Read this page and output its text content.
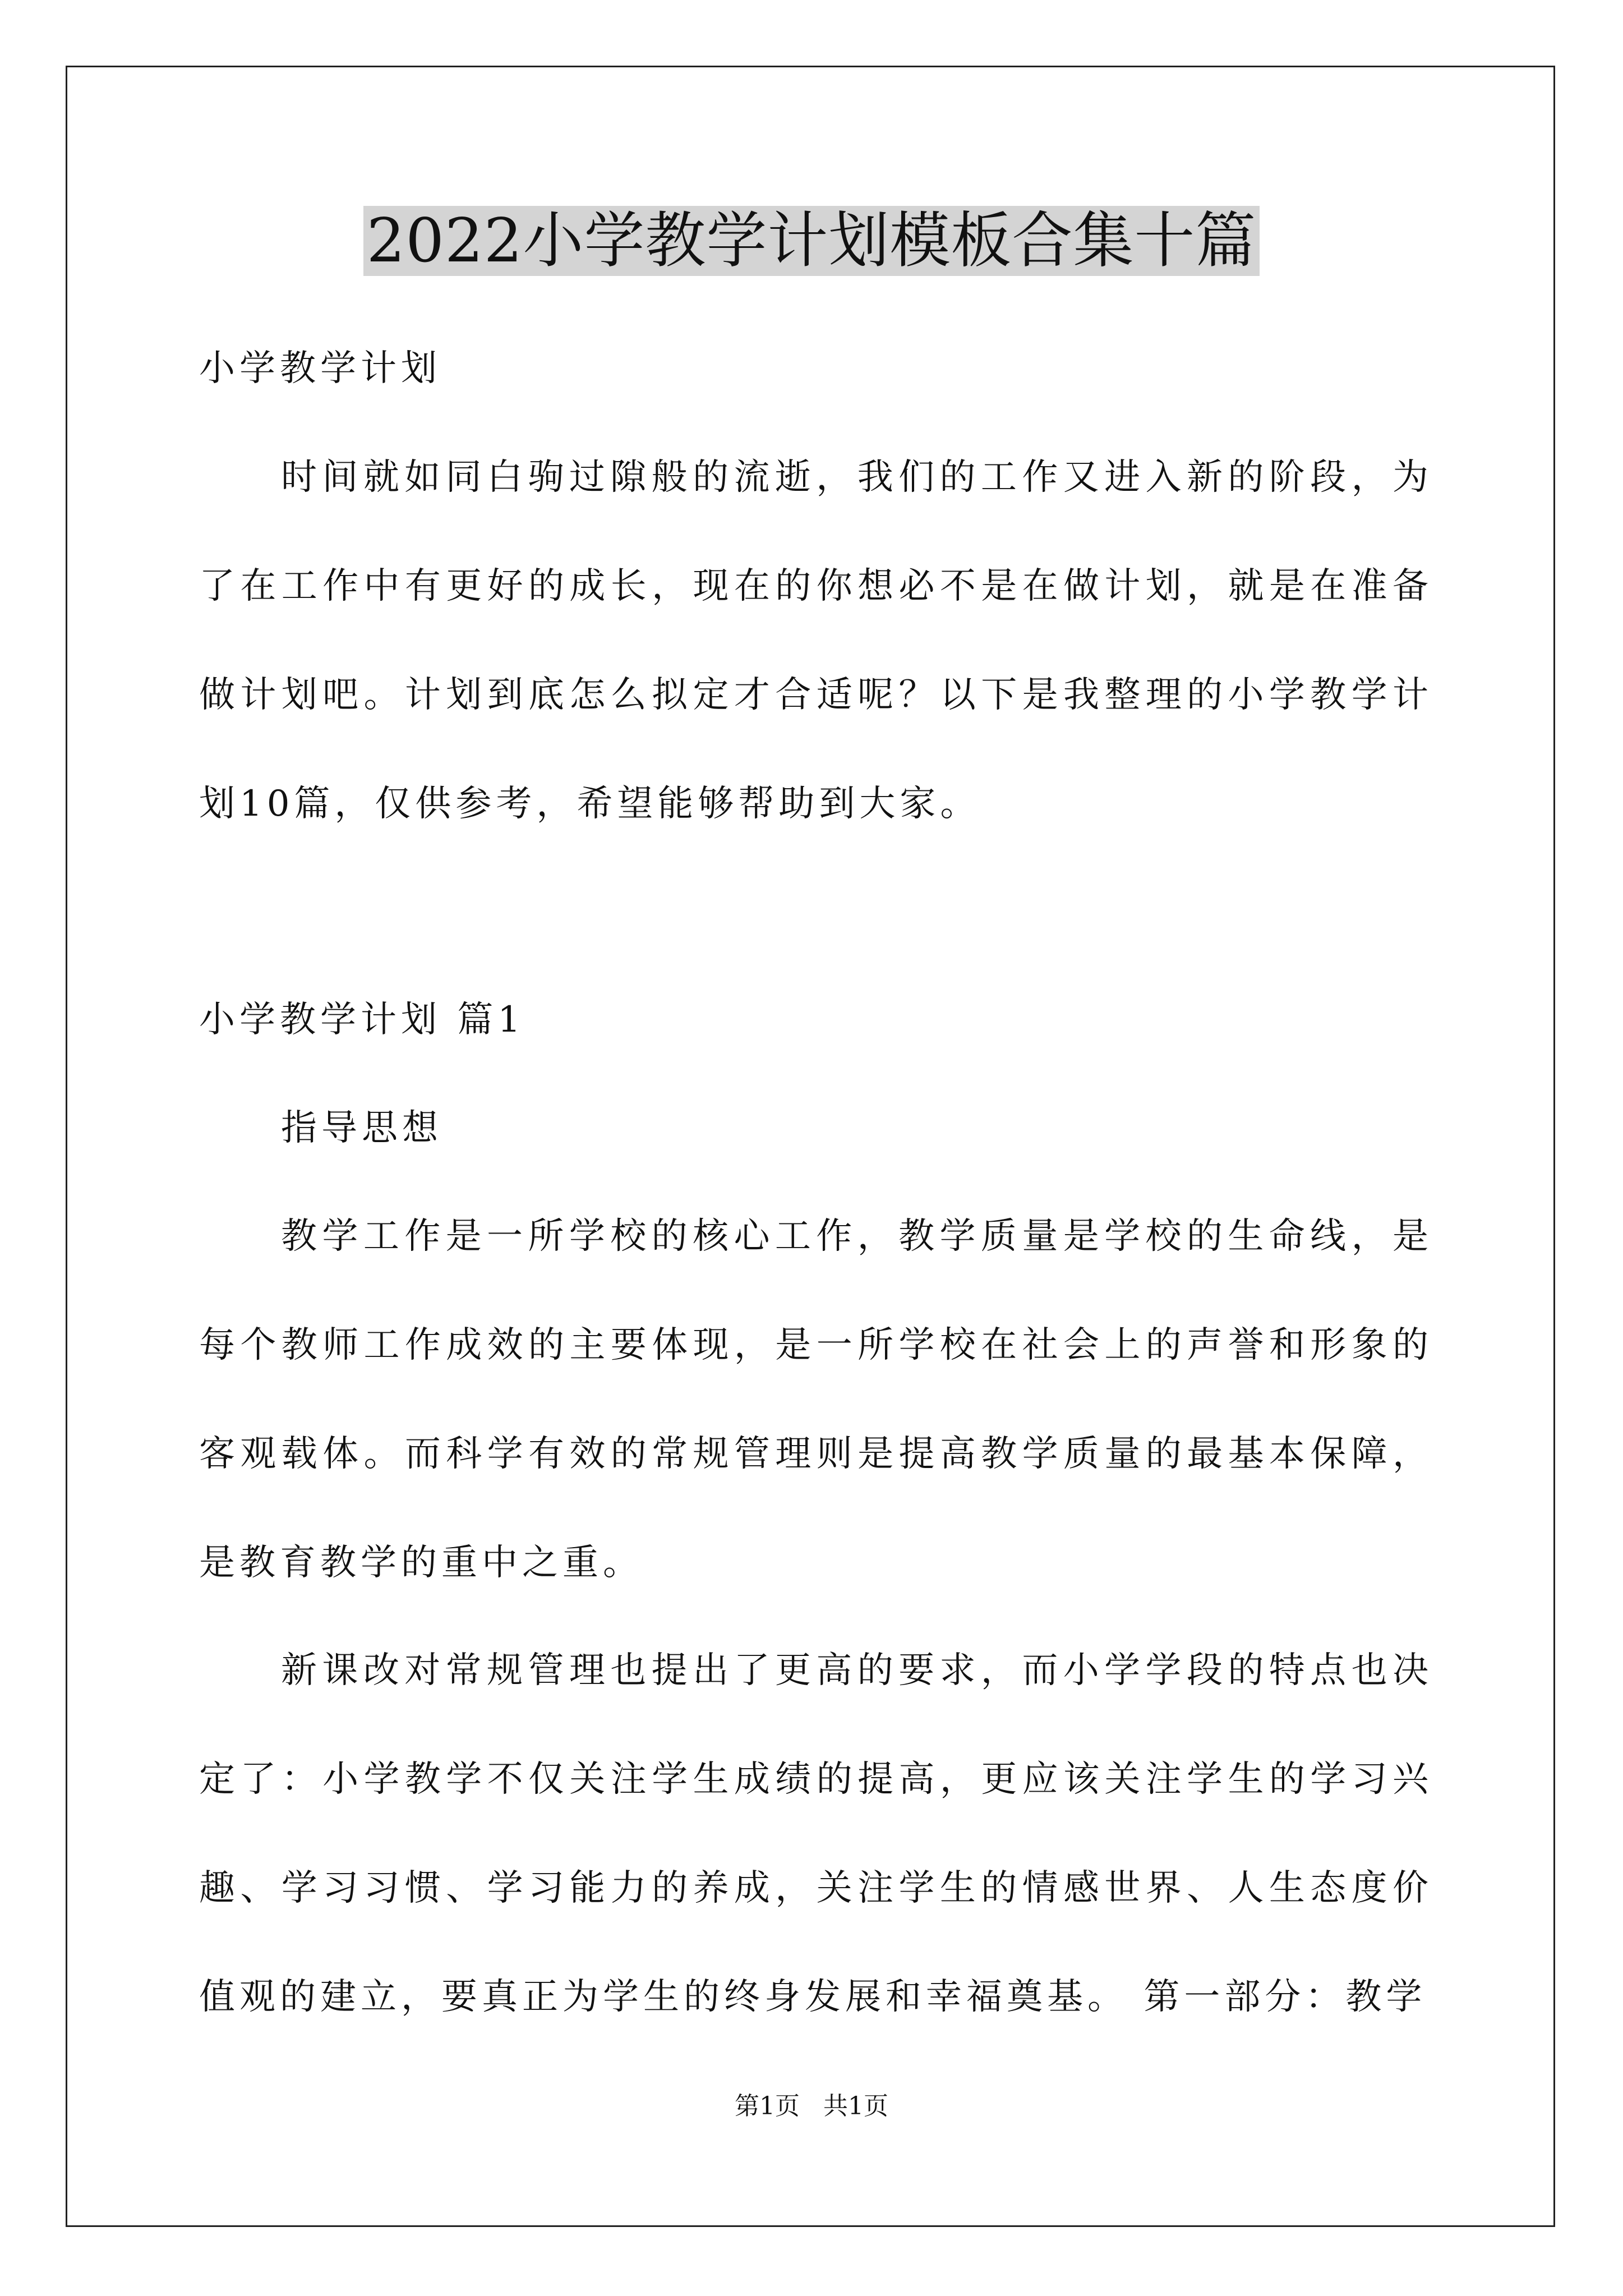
2022小学教学计划模板合集十篇

小学教学计划

时间就如同白驹过隙般的流逝，我们的工作又进入新的阶段，为了在工作中有更好的成长，现在的你想必不是在做计划，就是在准备做计划吧。计划到底怎么拟定才合适呢？以下是我整理的小学教学计划10篇，仅供参考，希望能够帮助到大家。

小学教学计划 篇1

指导思想

教学工作是一所学校的核心工作，教学质量是学校的生命线，是每个教师工作成效的主要体现，是一所学校在社会上的声誉和形象的客观载体。而科学有效的常规管理则是提高教学质量的最基本保障，是教育教学的重中之重。

新课改对常规管理也提出了更高的要求，而小学学段的特点也决定了：小学教学不仅关注学生成绩的提高，更应该关注学生的学习兴趣、学习习惯、学习能力的养成，关注学生的情感世界、人生态度价值观的建立，要真正为学生的终身发展和幸福奠基。 第一部分：教学

第1页 共1页
